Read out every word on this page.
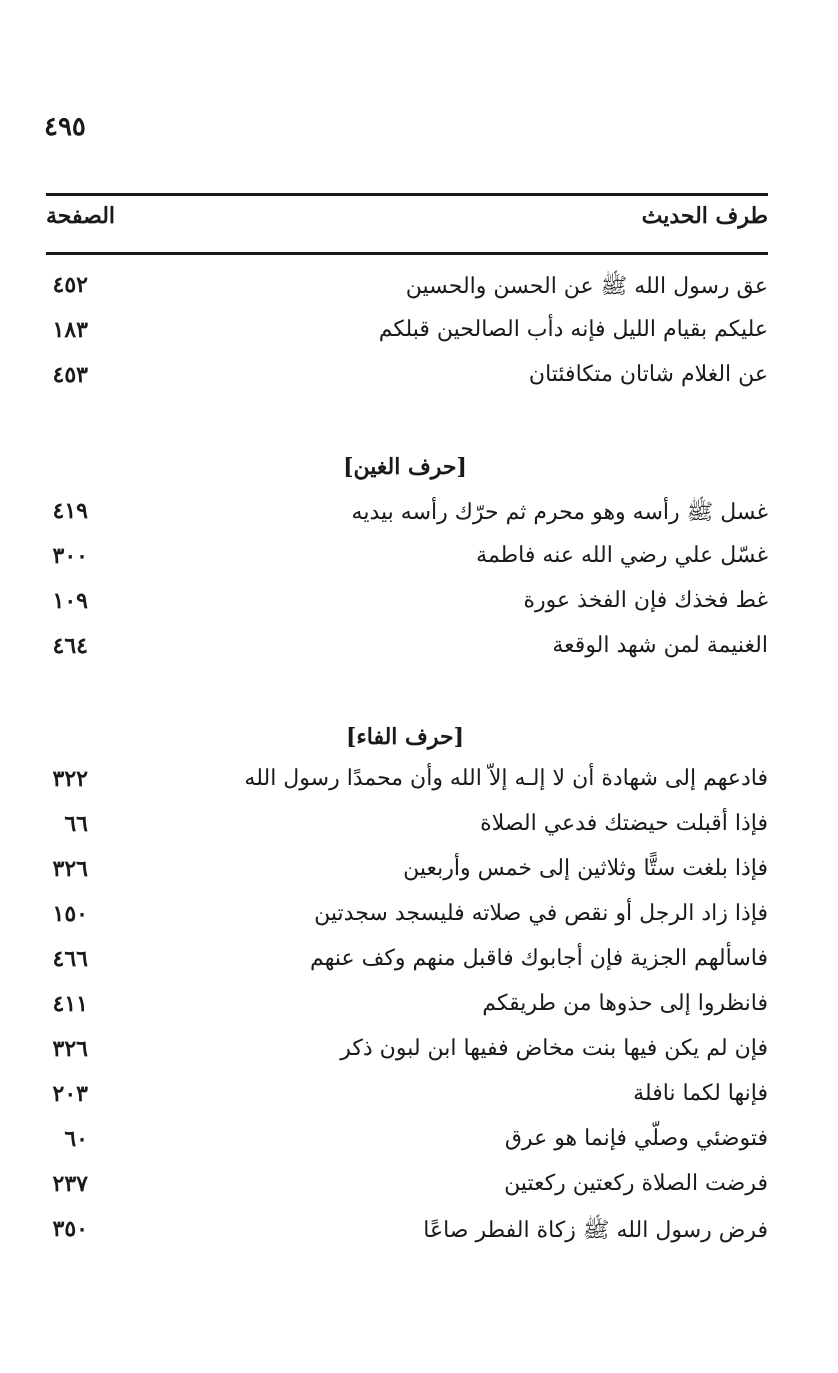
٤٩٥
الصفحة	طرف الحديث
عق رسول الله ﷺ عن الحسن والحسين
٤٥٢
عليكم بقيام الليل فإنه دأب الصالحين قبلكم
١٨٣
عن الغلام شاتان متكافئتان
٤٥٣
[حرف الغين]
غسل ﷺ رأسه وهو محرم ثم حرّك رأسه بيديه
٤١٩
غسّل علي رضي الله عنه فاطمة
٣٠٠
غط فخذك فإن الفخذ عورة
١٠٩
الغنيمة لمن شهد الوقعة
٤٦٤
[حرف الفاء]
فادعهم إلى شهادة أن لا إلـه إلاّ الله وأن محمدًا رسول الله
٣٢٢
فإذا أقبلت حيضتك فدعي الصلاة
٦٦
فإذا بلغت ستًّا وثلاثين إلى خمس وأربعين
٣٢٦
فإذا زاد الرجل أو نقص في صلاته فليسجد سجدتين
١٥٠
فاسألهم الجزية فإن أجابوك فاقبل منهم وكف عنهم
٤٦٦
فانظروا إلى حذوها من طريقكم
٤١١
فإن لم يكن فيها بنت مخاض ففيها ابن لبون ذكر
٣٢٦
فإنها لكما نافلة
٢٠٣
فتوضئي وصلّي فإنما هو عرق
٦٠
فرضت الصلاة ركعتين ركعتين
٢٣٧
فرض رسول الله ﷺ زكاة الفطر صاعًا
٣٥٠
